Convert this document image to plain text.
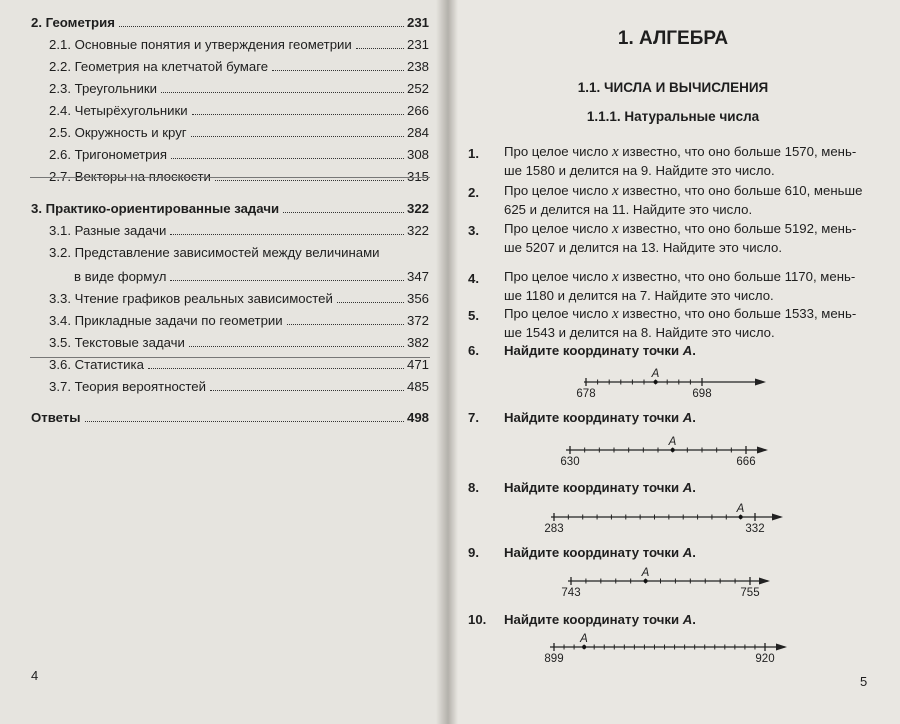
2. Геометрия	231
2.1. Основные понятия и утверждения геометрии	231
2.2. Геометрия на клетчатой бумаге	238
2.3. Треугольники	252
2.4. Четырёхугольники	266
2.5. Окружность и круг	284
2.6. Тригонометрия	308
2.7. Векторы на плоскости	315
3. Практико-ориентированные задачи	322
3.1. Разные задачи	322
3.2. Представление зависимостей между величинами
в виде формул	347
3.3. Чтение графиков реальных зависимостей	356
3.4. Прикладные задачи по геометрии	372
3.5. Текстовые задачи	382
3.6. Статистика	471
3.7. Теория вероятностей	485
Ответы	498
4
1. АЛГЕБРА
1.1. ЧИСЛА И ВЫЧИСЛЕНИЯ
1.1.1. Натуральные числа
1. Про целое число x известно, что оно больше 1570, мень-
ше 1580 и делится на 9. Найдите это число.
2. Про целое число x известно, что оно больше 610, меньше
625 и делится на 11. Найдите это число.
3. Про целое число x известно, что оно больше 5192, мень-
ше 5207 и делится на 13. Найдите это число.
4. Про целое число x известно, что оно больше 1170, мень-
ше 1180 и делится на 7. Найдите это число.
5. Про целое число x известно, что оно больше 1533, мень-
ше 1543 и делится на 8. Найдите это число.
6. Найдите координату точки A.
7. Найдите координату точки A.
8. Найдите координату точки A.
9. Найдите координату точки A.
10. Найдите координату точки A.
A
678	698
A
630	666
A
283	332
A
743	755
A
899	920
5
